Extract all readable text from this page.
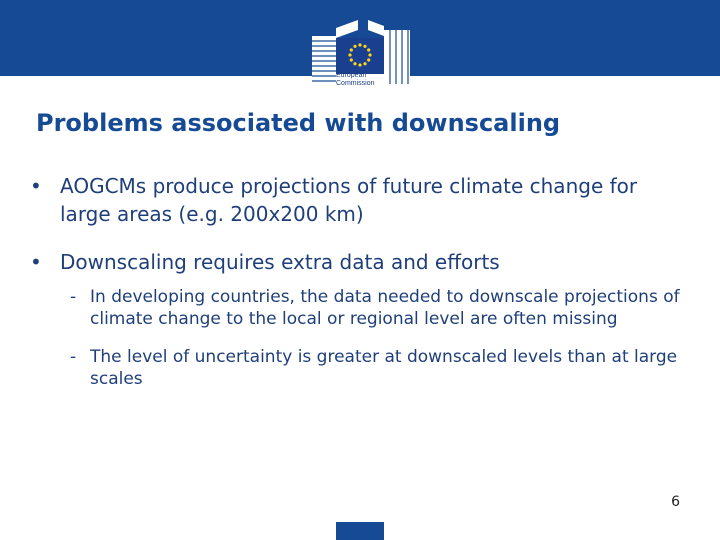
European
Commission
Problems associated with downscaling
• AOGCMs produce projections of future climate change for large areas (e.g. 200x200 km)
• Downscaling requires extra data and efforts
- In developing countries, the data needed to downscale projections of climate change to the local or regional level are often missing
- The level of uncertainty is greater at downscaled levels than at large scales
6
